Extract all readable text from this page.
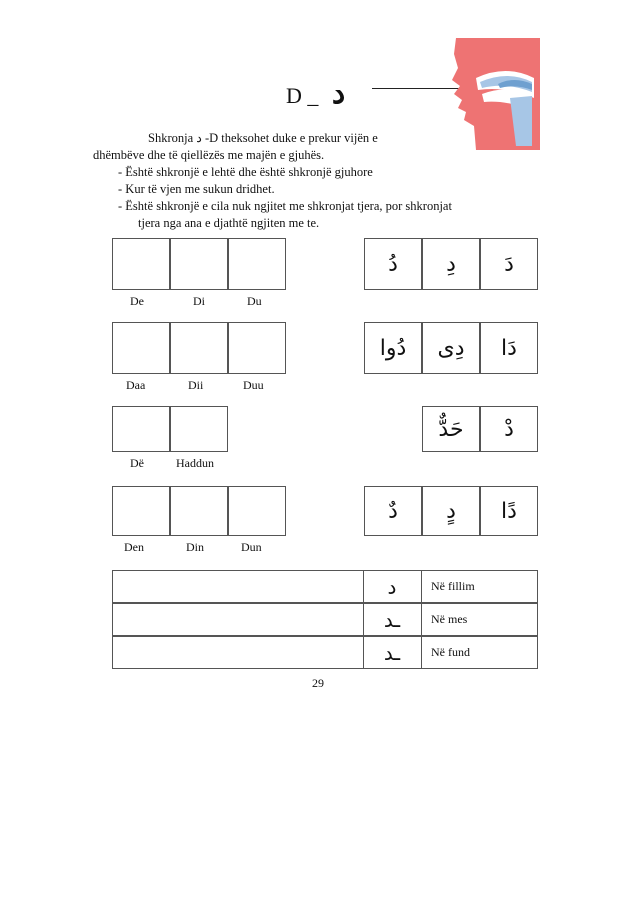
D _ د
Shkronja د -D theksohet duke e prekur vijën e
dhëmbëve dhe të qiellëzës me majën e gjuhës.
- Është shkronjë e lehtë dhe është shkronjë gjuhore
- Kur të vjen me sukun dridhet.
- Është shkronjë e cila nuk ngjitet me shkronjat tjera, por shkronjat
tjera nga ana e djathtë ngjiten me te.
دُ	دِ	دَ
De	Di	Du
دُوا	دِى	دَا
Daa	Dii	Duu
حَدٌّ	دْ
Dë	Haddun
دٌ	دٍ	دًا
Den	Din	Dun
د	Në fillim
ـد	Në mes
ـد	Në fund
29
